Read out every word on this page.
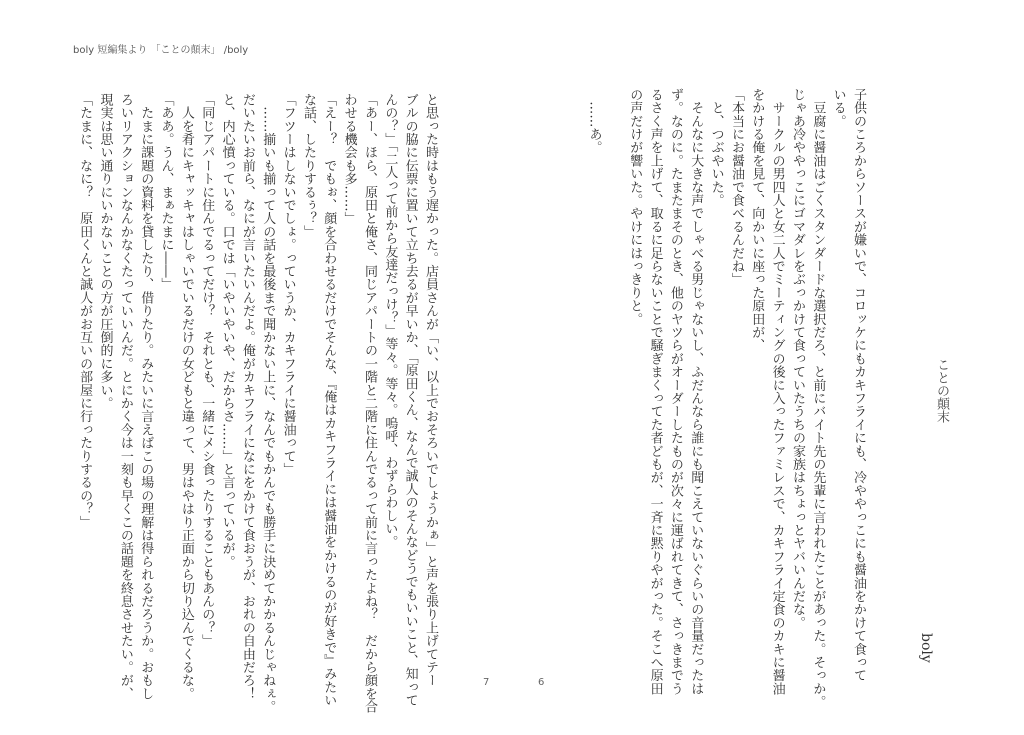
boly 短編集より 「ことの顛末」 /boly
ことの顛末
boly
子供のころからソースが嫌いで、コロッケにもカキフライにも、冷ややっこにも醤油をかけて食って
いる。
　豆腐に醤油はごくスタンダードな選択だろ、と前にバイト先の先輩に言われたことがあった。そっか。
じゃあ冷ややっこにゴマダレをぶっかけて食っていたうちの家族はちょっとヤバいんだな。
　サークルの男四人と女二人でミーティングの後に入ったファミレスで、カキフライ定食のカキに醤油
をかける俺を見て、向かいに座った原田が、
「本当にお醤油で食べるんだね」
　と、つぶやいた。
　そんなに大きな声でしゃべる男じゃないし、ふだんなら誰にも聞こえていないぐらいの音量だったは
ず。なのに。たまたまそのとき、他のヤツらがオーダーしたものが次々に運ばれてきて、さっきまでう
るさく声を上げて、取るに足らないことで騒ぎまくってた者どもが、一斉に黙りやがった。そこへ原田
の声だけが響いた。やけにはっきりと。
　……あ。
と思った時はもう遅かった。店員さんが「い、以上でおそろいでしょうかぁ」と声を張り上げてテー
ブルの脇に伝票に置いて立ち去るが早いか、「原田くん、なんで誠人のそんなどうでもいいこと、知って
んの？」「二人って前から友達だっけ？」等々。等々。嗚呼、わずらわしい。
「あー、ほら、原田と俺さ、同じアパートの一階と二階に住んでるって前に言ったよね？　だから顔を合
わせる機会も多……」
「えー？　でもぉ、顔を合わせるだけでそんな、『俺はカキフライには醤油をかけるのが好きで』みたい
な話、したりするぅ？」
「フツーはしないでしょ。っていうか、カキフライに醤油って」
　……揃いも揃って人の話を最後まで聞かない上に、なんでもかんでも勝手に決めてかかるんじゃねぇ。
だいたいお前ら、なにが言いたいんだよ。俺がカキフライになにをかけて食おうが、おれの自由だろ！
と、内心憤っている。口では「いやいやいや、だからさ……」と言っているが。
「同じアパートに住んでるってだけ？　それとも、一緒にメシ食ったりすることもあんの？」
　人を肴にキャッキャはしゃいでいるだけの女どもと違って、男はやはり正面から切り込んでくるな。
「ああ。うん、まぁたまに――」
　たまに課題の資料を貸したり、借りたり。みたいに言えばこの場の理解は得られるだろうか。おもし
ろいリアクションなんかなくたっていいんだ。とにかく今は一刻も早くこの話題を終息させたい。が、
現実は思い通りにいかないことの方が圧倒的に多い。
「たまに、なに？　原田くんと誠人がお互いの部屋に行ったりするの？」
7	6
